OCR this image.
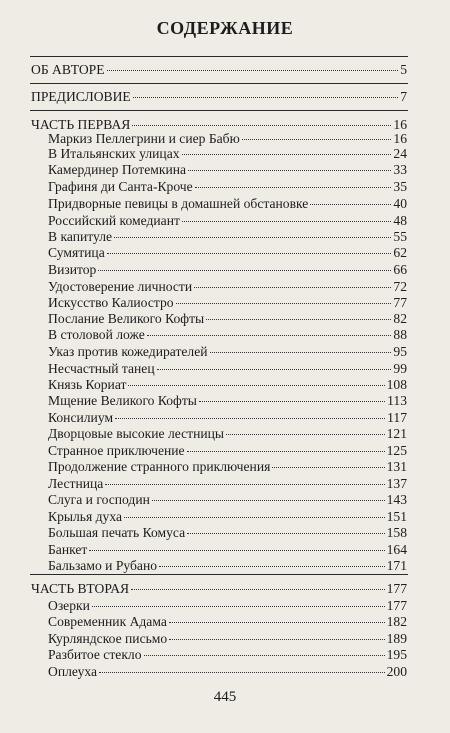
СОДЕРЖАНИЕ
ОБ АВТОРЕ	5
ПРЕДИСЛОВИЕ	7
ЧАСТЬ ПЕРВАЯ	16
Маркиз Пеллегрини и сиер Бабю	16
В Итальянских улицах	24
Камердинер Потемкина	33
Графиня ди Санта-Кроче	35
Придворные певицы в домашней обстановке	40
Российский комедиант	48
В капитуле	55
Сумятица	62
Визитор	66
Удостоверение личности	72
Искусство Калиостро	77
Послание Великого Кофты	82
В столовой ложе	88
Указ против кожедирателей	95
Несчастный танец	99
Князь Кориат	108
Мщение Великого Кофты	113
Консилиум	117
Дворцовые высокие лестницы	121
Странное приключение	125
Продолжение странного приключения	131
Лестница	137
Слуга и господин	143
Крылья духа	151
Большая печать Комуса	158
Банкет	164
Бальзамо и Рубано	171
ЧАСТЬ ВТОРАЯ	177
Озерки	177
Современник Адама	182
Курляндское письмо	189
Разбитое стекло	195
Оплеуха	200
445
